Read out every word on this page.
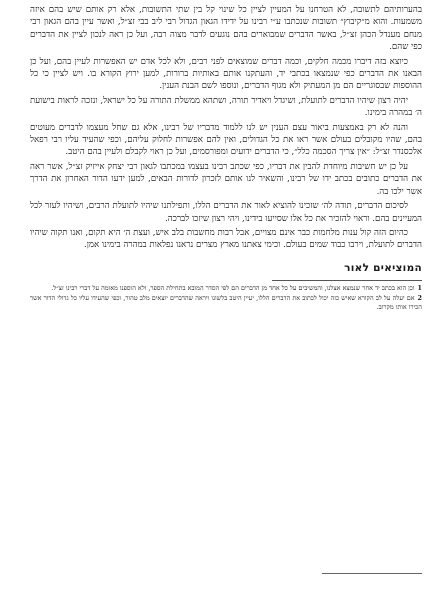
בהערותיהם לתשובה, לא הטרחנו על המעיין לציין כל שינוי קל בין שתי התשובות, אלא רק אותם שיש בהם איזה משמעות. והוא מ״קיבוץ״ תשובות שנכתבו ע״י רבינו על ידידו הגאון הגדול רבי ליב בבי זצ״ל, ואשר עיין בהם הגאון רבי מנחם מענדל הכהן זצ״ל, באשר הדברים שמבוארים בהם נוגעים לדבר מצוה רבה, ועל כן ראה לנכון לציין את הדברים כפי שהם.

כיוצא בזה דיברו מכמה חלקים, וכמה דברים שמוצאים לפני רבים, ולא לכל אדם יש האפשרות לעיין בהם, ועל כן הבאנו את הדברים כפי שנמצאו בכתבי יד, והעתקנו אותם באותיות ברורות, למען ירוץ הקורא בו. ויש לציין כי כל ההוספות שבסוגריים הם מן המעתיק ולא מגוף הדברים, ונוספו לשם הבנת הענין.

יהיה רצון שיהיו הדברים לתועלת, ושיגדל ויאדיר תורה, ושתהא ממשלת התורה על כל ישראל, ונזכה לראות בישועת ה׳ במהרה בימינו.

והנה לא רק באמצעות ביאור עצם הענין יש לנו ללמוד מדבריו של רבינו, אלא גם שחל מעצמו לדברים מעוטים בהם, שהיו מקובלים בעולם אשר ראו את כל הגדולים, ואין להם אפשרות לחלוק עליהם, וכפי שהעיד עליו רבי רפאל אלכסנדר זצ״ל: ״אין צריך הסכמה כלל״, כי הדברים ידועים ומפורסמים, ועל כן ראוי לקבלם ולעיין בהם היטב.

על כן יש חשיבות מיוחדת להבין את דבריו, כפי שכתב רבינו בעצמו במכתבו לגאון רבי יצחק אייזיק זצ״ל, אשר ראה את הדברים כתובים בכתב ידו של רבינו, והשאיר לנו אותם לזכרון לדורות הבאים, למען ידעו הדור האחרון את הדרך אשר ילכו בה.

לסיכום הדברים, תודה לה׳ שזכינו להוציא לאור את הדברים הללו, ותפילתנו שיהיו לתועלת הרבים, ושיהיו לעזר לכל המעיינים בהם. וראוי להזכיר את כל אלו שסייעו בידינו, ויהי רצון שיזכו לברכה.

כהיום הזה קול ענות מלחמות כבר אינם מצויים, אבל רבות מחשבות בלב איש, ועצת ה׳ היא תקום, ואנו תקוה שיהיו הדברים לתועלת, וירבו כבוד שמים בעולם. וכימי צאתנו מארץ מצרים נראנו נפלאות במהרה בימינו אמן.

המוציאים לאור

1וכן הוא בכתב יד אחר שנמצא אצלנו, והמשיבים על כל אחד מן הדברים הם לפי הסדר המובא בתחילת הספר, ולא הוספנו מאומה על דברי רבינו זצ״ל.

2אם יעלה על לב הקורא שאיש כזה יכול לכתוב את הדברים הללו, יעיין היטב בלשונו ויראה שהדברים יוצאים מלב טהור, וכפי שהעידו עליו כל גדולי הדור אשר הכירו אותו מקרוב.
